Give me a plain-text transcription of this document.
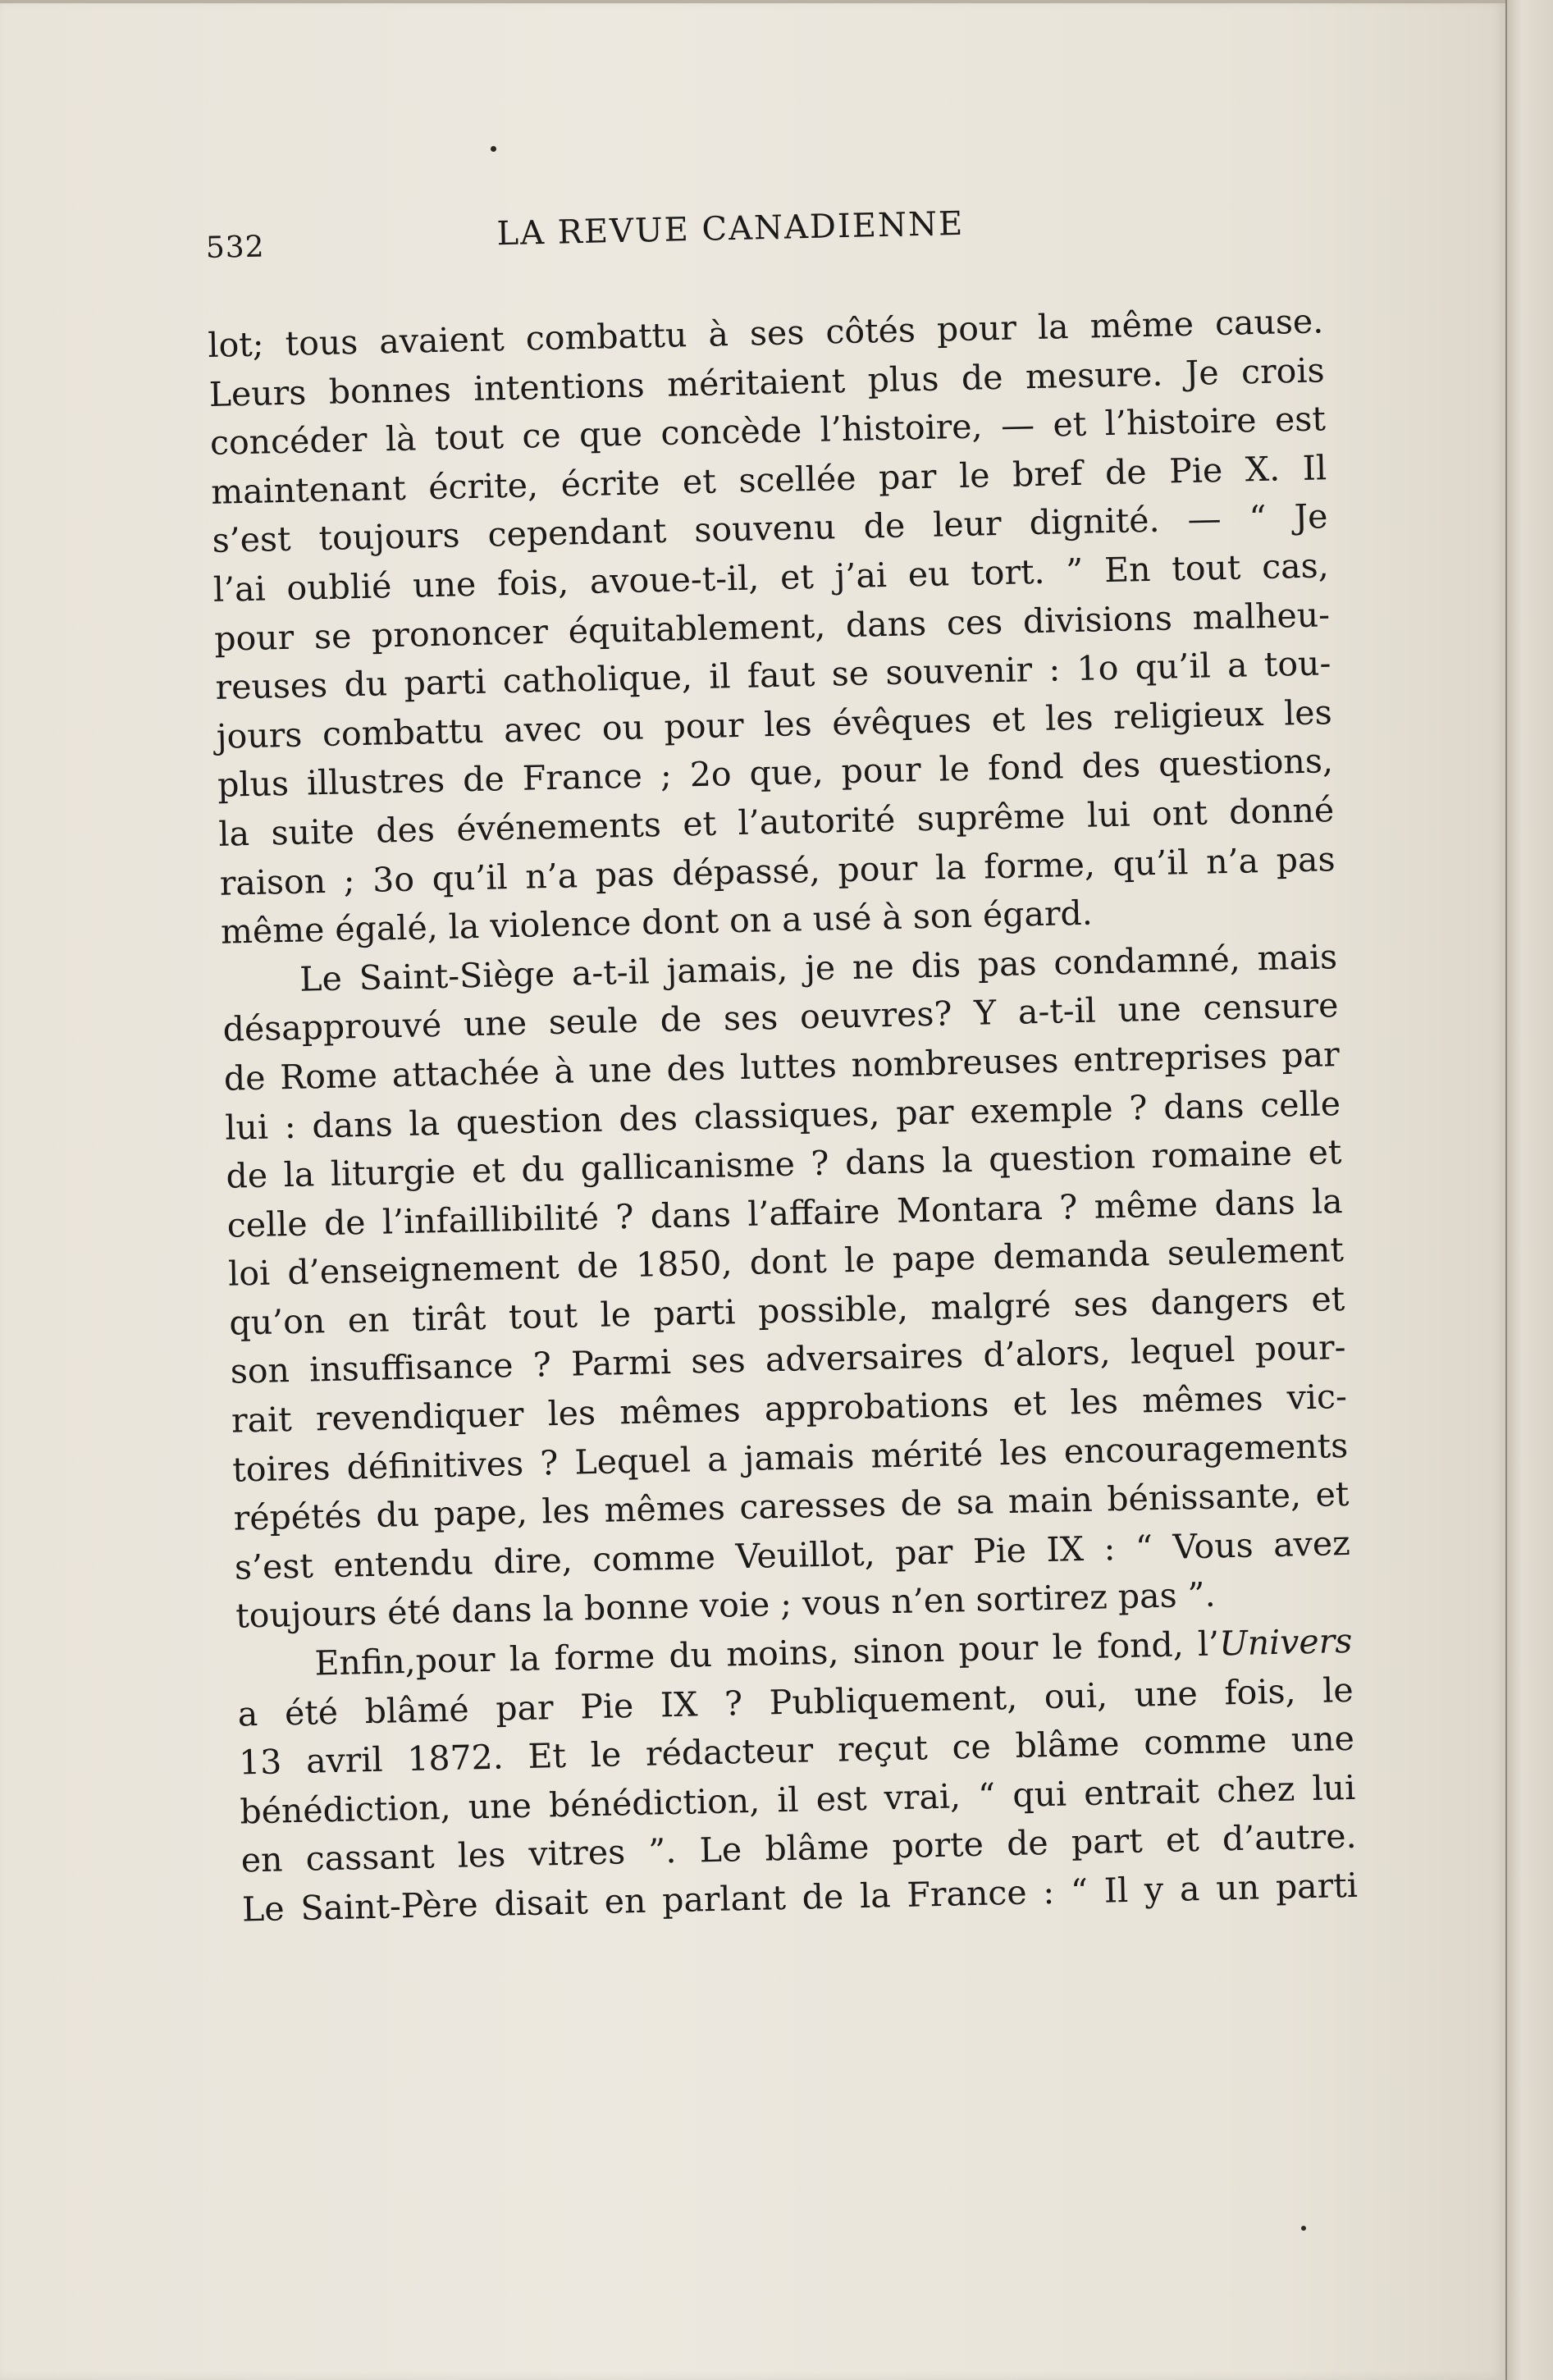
532	LA REVUE CANADIENNE
lot; tous avaient combattu à ses côtés pour la même cause.
Leurs bonnes intentions méritaient plus de mesure. Je crois
concéder là tout ce que concède l’histoire, — et l’histoire est
maintenant écrite, écrite et scellée par le bref de Pie X. Il
s’est toujours cependant souvenu de leur dignité. — “ Je
l’ai oublié une fois, avoue-t-il, et j’ai eu tort. ” En tout cas,
pour se prononcer équitablement, dans ces divisions malheu-
reuses du parti catholique, il faut se souvenir : 1o qu’il a tou-
jours combattu avec ou pour les évêques et les religieux les
plus illustres de France ; 2o que, pour le fond des questions,
la suite des événements et l’autorité suprême lui ont donné
raison ; 3o qu’il n’a pas dépassé, pour la forme, qu’il n’a pas
même égalé, la violence dont on a usé à son égard.
Le Saint-Siège a-t-il jamais, je ne dis pas condamné, mais
désapprouvé une seule de ses oeuvres? Y a-t-il une censure
de Rome attachée à une des luttes nombreuses entreprises par
lui : dans la question des classiques, par exemple ? dans celle
de la liturgie et du gallicanisme ? dans la question romaine et
celle de l’infaillibilité ? dans l’affaire Montara ? même dans la
loi d’enseignement de 1850, dont le pape demanda seulement
qu’on en tirât tout le parti possible, malgré ses dangers et
son insuffisance ? Parmi ses adversaires d’alors, lequel pour-
rait revendiquer les mêmes approbations et les mêmes vic-
toires définitives ? Lequel a jamais mérité les encouragements
répétés du pape, les mêmes caresses de sa main bénissante, et
s’est entendu dire, comme Veuillot, par Pie IX : “ Vous avez
toujours été dans la bonne voie ; vous n’en sortirez pas ”.
Enfin,pour la forme du moins, sinon pour le fond, l’Univers
a été blâmé par Pie IX ? Publiquement, oui, une fois, le
13 avril 1872. Et le rédacteur reçut ce blâme comme une
bénédiction, une bénédiction, il est vrai, “ qui entrait chez lui
en cassant les vitres ”. Le blâme porte de part et d’autre.
Le Saint-Père disait en parlant de la France : “ Il y a un parti
